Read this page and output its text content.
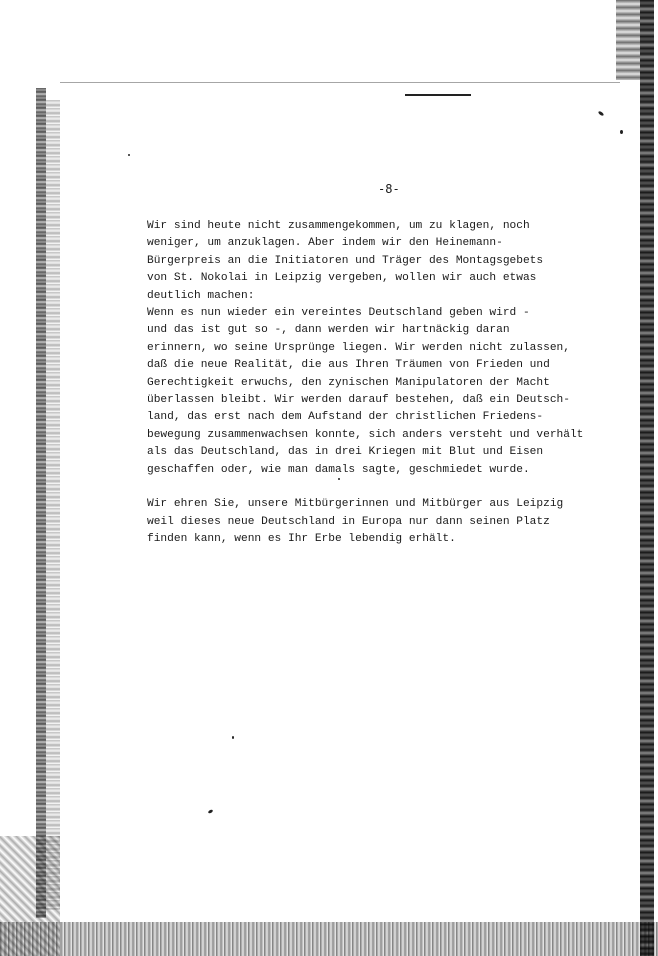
-8-

Wir sind heute nicht zusammengekommen, um zu klagen, noch
weniger, um anzuklagen. Aber indem wir den Heinemann-
Bürgerpreis an die Initiatoren und Träger des Montagsgebets
von St. Nokolai in Leipzig vergeben, wollen wir auch etwas
deutlich machen:
Wenn es nun wieder ein vereintes Deutschland geben wird -
und das ist gut so -, dann werden wir hartnäckig daran
erinnern, wo seine Ursprünge liegen. Wir werden nicht zulassen,
daß die neue Realität, die aus Ihren Träumen von Frieden und
Gerechtigkeit erwuchs, den zynischen Manipulatoren der Macht
überlassen bleibt. Wir werden darauf bestehen, daß ein Deutsch-
land, das erst nach dem Aufstand der christlichen Friedens-
bewegung zusammenwachsen konnte, sich anders versteht und verhält
als das Deutschland, das in drei Kriegen mit Blut und Eisen
geschaffen oder, wie man damals sagte, geschmiedet wurde.

Wir ehren Sie, unsere Mitbürgerinnen und Mitbürger aus Leipzig
weil dieses neue Deutschland in Europa nur dann seinen Platz
finden kann, wenn es Ihr Erbe lebendig erhält.
